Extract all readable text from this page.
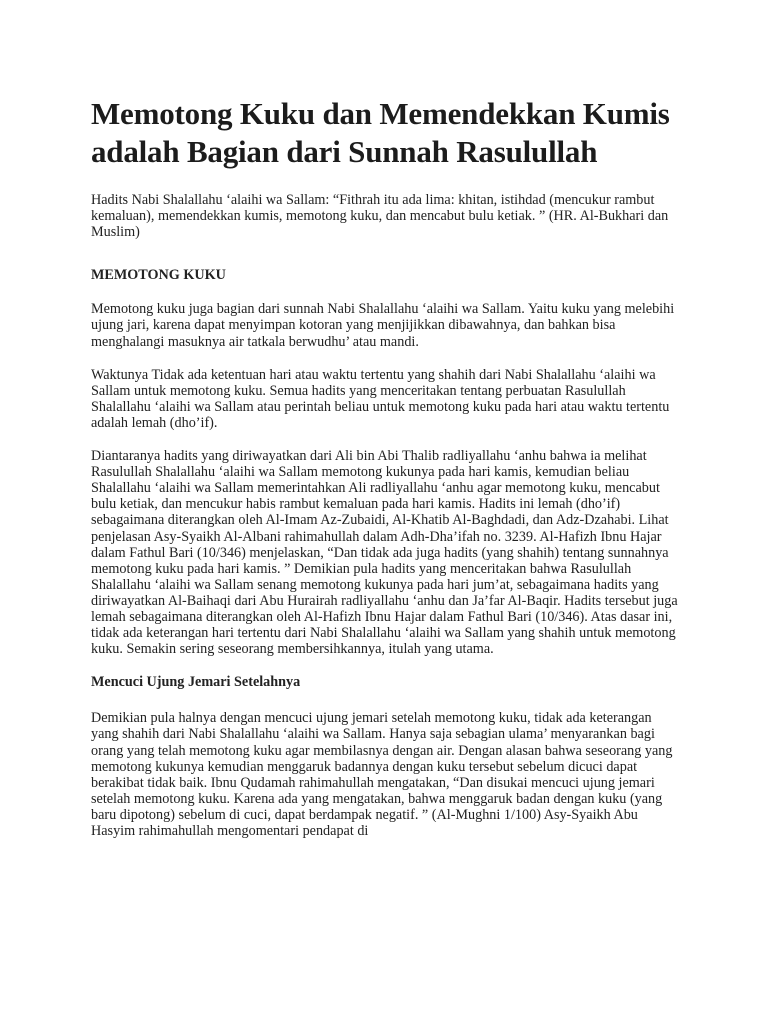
Memotong Kuku dan Memendekkan Kumis adalah Bagian dari Sunnah Rasulullah

Hadits Nabi Shalallahu ‘alaihi wa Sallam: “Fithrah itu ada lima: khitan, istihdad (mencukur rambut kemaluan), memendekkan kumis, memotong kuku, dan mencabut bulu ketiak. ” (HR. Al-Bukhari dan Muslim)

MEMOTONG KUKU

Memotong kuku juga bagian dari sunnah Nabi Shalallahu ‘alaihi wa Sallam. Yaitu kuku yang melebihi ujung jari, karena dapat menyimpan kotoran yang menjijikkan dibawahnya, dan bahkan bisa menghalangi masuknya air tatkala berwudhu’ atau mandi.

Waktunya Tidak ada ketentuan hari atau waktu tertentu yang shahih dari Nabi Shalallahu ‘alaihi wa Sallam untuk memotong kuku. Semua hadits yang menceritakan tentang perbuatan Rasulullah Shalallahu ‘alaihi wa Sallam atau perintah beliau untuk memotong kuku pada hari atau waktu tertentu adalah lemah (dho’if).

Diantaranya hadits yang diriwayatkan dari Ali bin Abi Thalib radliyallahu ‘anhu bahwa ia melihat Rasulullah Shalallahu ‘alaihi wa Sallam memotong kukunya pada hari kamis, kemudian beliau Shalallahu ‘alaihi wa Sallam memerintahkan Ali radliyallahu ‘anhu agar memotong kuku, mencabut bulu ketiak, dan mencukur habis rambut kemaluan pada hari kamis. Hadits ini lemah (dho’if) sebagaimana diterangkan oleh Al-Imam Az-Zubaidi, Al-Khatib Al-Baghdadi, dan Adz-Dzahabi. Lihat penjelasan Asy-Syaikh Al-Albani rahimahullah dalam Adh-Dha’ifah no. 3239. Al-Hafizh Ibnu Hajar dalam Fathul Bari (10/346) menjelaskan, “Dan tidak ada juga hadits (yang shahih) tentang sunnahnya memotong kuku pada hari kamis. ” Demikian pula hadits yang menceritakan bahwa Rasulullah Shalallahu ‘alaihi wa Sallam senang memotong kukunya pada hari jum’at, sebagaimana hadits yang diriwayatkan Al-Baihaqi dari Abu Hurairah radliyallahu ‘anhu dan Ja’far Al-Baqir. Hadits tersebut juga lemah sebagaimana diterangkan oleh Al-Hafizh Ibnu Hajar dalam Fathul Bari (10/346). Atas dasar ini, tidak ada keterangan hari tertentu dari Nabi Shalallahu ‘alaihi wa Sallam yang shahih untuk memotong kuku. Semakin sering seseorang membersihkannya, itulah yang utama.

Mencuci Ujung Jemari Setelahnya

Demikian pula halnya dengan mencuci ujung jemari setelah memotong kuku, tidak ada keterangan yang shahih dari Nabi Shalallahu ‘alaihi wa Sallam. Hanya saja sebagian ulama’ menyarankan bagi orang yang telah memotong kuku agar membilasnya dengan air. Dengan alasan bahwa seseorang yang memotong kukunya kemudian menggaruk badannya dengan kuku tersebut sebelum dicuci dapat berakibat tidak baik. Ibnu Qudamah rahimahullah mengatakan, “Dan disukai mencuci ujung jemari setelah memotong kuku. Karena ada yang mengatakan, bahwa menggaruk badan dengan kuku (yang baru dipotong) sebelum di cuci, dapat berdampak negatif. ” (Al-Mughni 1/100) Asy-Syaikh Abu Hasyim rahimahullah mengomentari pendapat di
